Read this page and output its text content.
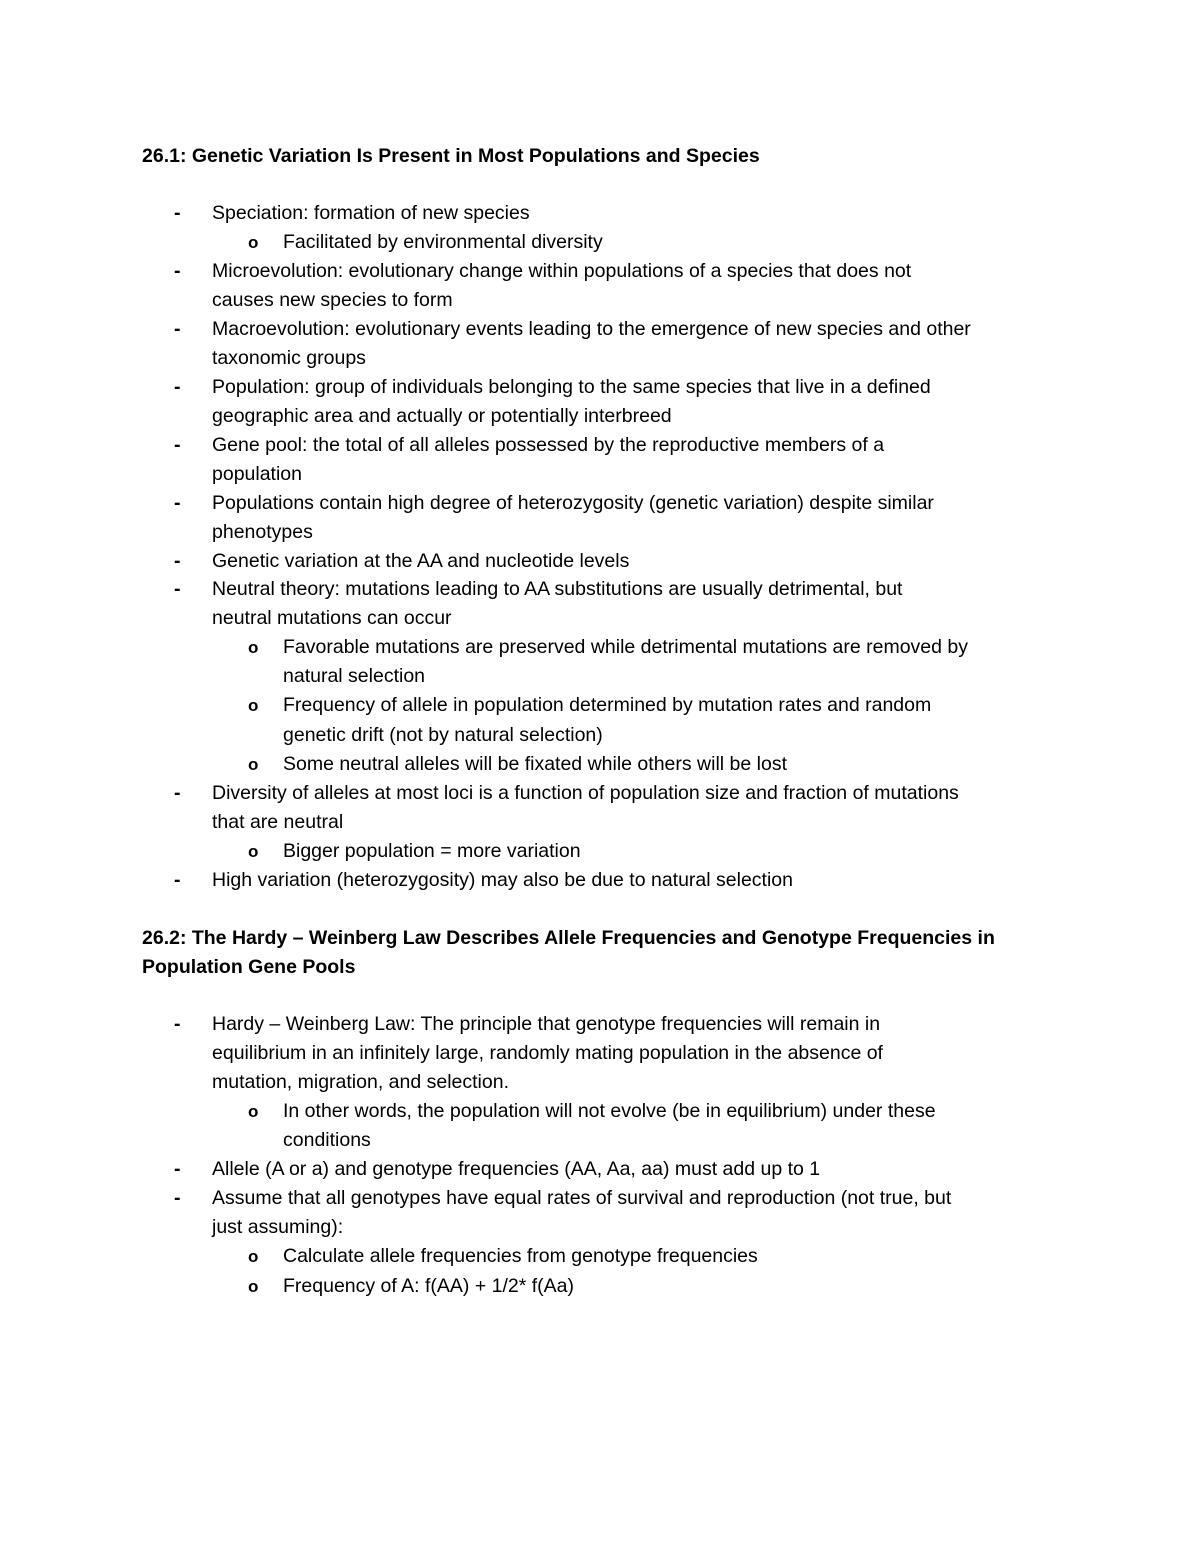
26.1: Genetic Variation Is Present in Most Populations and Species

- Speciation: formation of new species

o Facilitated by environmental diversity

- Microevolution: evolutionary change within populations of a species that does not

causes new species to form

- Macroevolution: evolutionary events leading to the emergence of new species and other

taxonomic groups

- Population: group of individuals belonging to the same species that live in a defined

geographic area and actually or potentially interbreed

- Gene pool: the total of all alleles possessed by the reproductive members of a

population

- Populations contain high degree of heterozygosity (genetic variation) despite similar

phenotypes

- Genetic variation at the AA and nucleotide levels

- Neutral theory: mutations leading to AA substitutions are usually detrimental, but

neutral mutations can occur

o Favorable mutations are preserved while detrimental mutations are removed by

natural selection

o Frequency of allele in population determined by mutation rates and random

genetic drift (not by natural selection)

o Some neutral alleles will be fixated while others will be lost

- Diversity of alleles at most loci is a function of population size and fraction of mutations

that are neutral

o Bigger population = more variation

- High variation (heterozygosity) may also be due to natural selection

26.2: The Hardy – Weinberg Law Describes Allele Frequencies and Genotype Frequencies in

Population Gene Pools

- Hardy – Weinberg Law: The principle that genotype frequencies will remain in

equilibrium in an infinitely large, randomly mating population in the absence of

mutation, migration, and selection.

o In other words, the population will not evolve (be in equilibrium) under these

conditions

- Allele (A or a) and genotype frequencies (AA, Aa, aa) must add up to 1

- Assume that all genotypes have equal rates of survival and reproduction (not true, but

just assuming):

o Calculate allele frequencies from genotype frequencies

o Frequency of A: f(AA) + 1/2* f(Aa)
